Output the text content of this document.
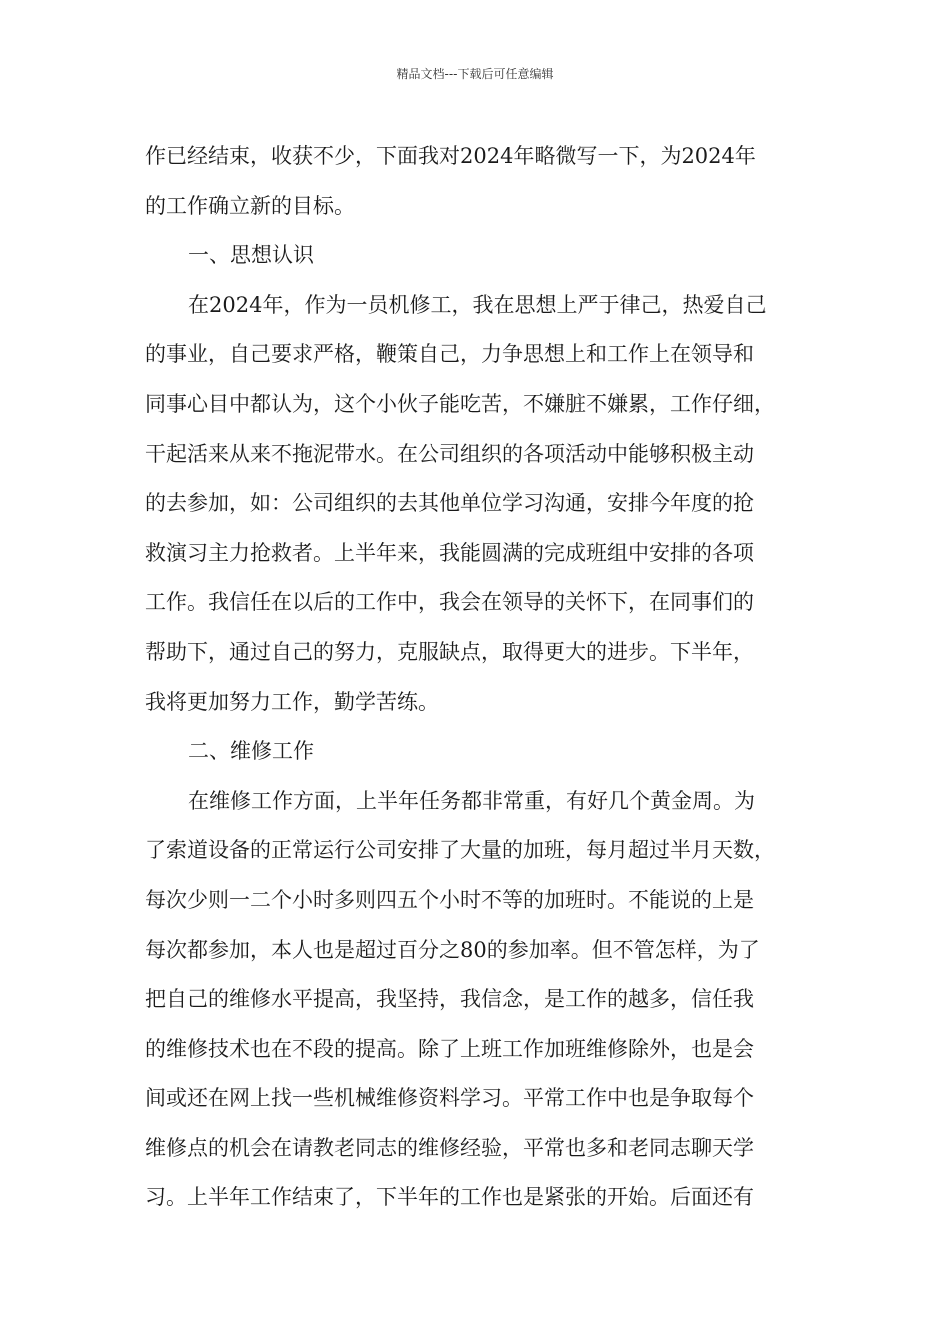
精品文档---下载后可任意编辑

作已经结束，收获不少，下面我对2024年略微写一下，为2024年

的工作确立新的目标。

一、思想认识

在2024年，作为一员机修工，我在思想上严于律己，热爱自己

的事业，自己要求严格，鞭策自己，力争思想上和工作上在领导和

同事心目中都认为，这个小伙子能吃苦，不嫌脏不嫌累，工作仔细，

干起活来从来不拖泥带水。在公司组织的各项活动中能够积极主动

的去参加，如：公司组织的去其他单位学习沟通，安排今年度的抢

救演习主力抢救者。上半年来，我能圆满的完成班组中安排的各项

工作。我信任在以后的工作中，我会在领导的关怀下，在同事们的

帮助下，通过自己的努力，克服缺点，取得更大的进步。下半年，

我将更加努力工作，勤学苦练。

二、维修工作

在维修工作方面，上半年任务都非常重，有好几个黄金周。为

了索道设备的正常运行公司安排了大量的加班，每月超过半月天数，

每次少则一二个小时多则四五个小时不等的加班时。不能说的上是

每次都参加，本人也是超过百分之80的参加率。但不管怎样，为了

把自己的维修水平提高，我坚持，我信念，是工作的越多，信任我

的维修技术也在不段的提高。除了上班工作加班维修除外，也是会

间或还在网上找一些机械维修资料学习。平常工作中也是争取每个

维修点的机会在请教老同志的维修经验，平常也多和老同志聊天学

习。上半年工作结束了，下半年的工作也是紧张的开始。后面还有
